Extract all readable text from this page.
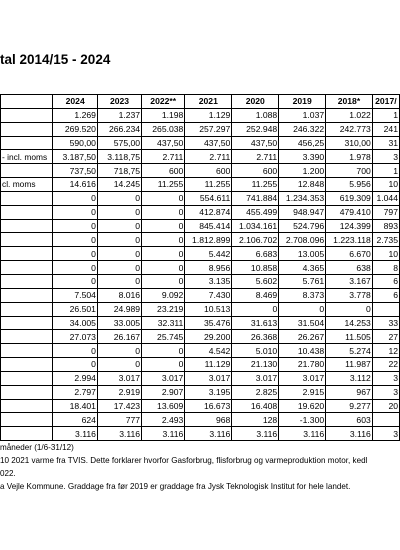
tal 2014/15 - 2024
	2024	2023	2022**	2021	2020	2019	2018*	2017/
	1.269	1.237	1.198	1.129	1.088	1.037	1.022	1
	269.520	266.234	265.038	257.297	252.948	246.322	242.773	241
	590,00	575,00	437,50	437,50	437,50	456,25	310,00	31
- incl. moms	3.187,50	3.118,75	2.711	2.711	2.711	3.390	1.978	3
	737,50	718,75	600	600	600	1.200	700	1
cl. moms	14.616	14.245	11.255	11.255	11.255	12.848	5.956	10
	0	0	0	554.611	741.884	1.234.353	619.309	1.044
	0	0	0	412.874	455.499	948.947	479.410	797
	0	0	0	845.414	1.034.161	524.796	124.399	893
	0	0	0	1.812.899	2.106.702	2.708.096	1.223.118	2.735
	0	0	0	5.442	6.683	13.005	6.670	10
	0	0	0	8.956	10.858	4.365	638	8
	0	0	0	3.135	5.602	5.761	3.167	6
	7.504	8.016	9.092	7.430	8.469	8.373	3.778	6
	26.501	24.989	23.219	10.513	0	0	0	
	34.005	33.005	32.311	35.476	31.613	31.504	14.253	33
	27.073	26.167	25.745	29.200	26.368	26.267	11.505	27
	0	0	0	4.542	5.010	10.438	5.274	12
	0	0	0	11.129	21.130	21.780	11.987	22
	2.994	3.017	3.017	3.017	3.017	3.017	3.112	3
	2.797	2.919	2.907	3.195	2.825	2.915	967	3
	18.401	17.423	13.609	16.673	16.408	19.620	9.277	20
	624	777	2.493	968	128	-1.300	603	
	3.116	3.116	3.116	3.116	3.116	3.116	3.116	3
måneder (1/6-31/12)
10 2021 varme fra TVIS. Dette forklarer hvorfor Gasforbrug, flisforbrug og varmeproduktion motor, kedl
022.
a Vejle Kommune. Graddage fra før 2019 er graddage fra Jysk Teknologisk Institut for hele landet.
